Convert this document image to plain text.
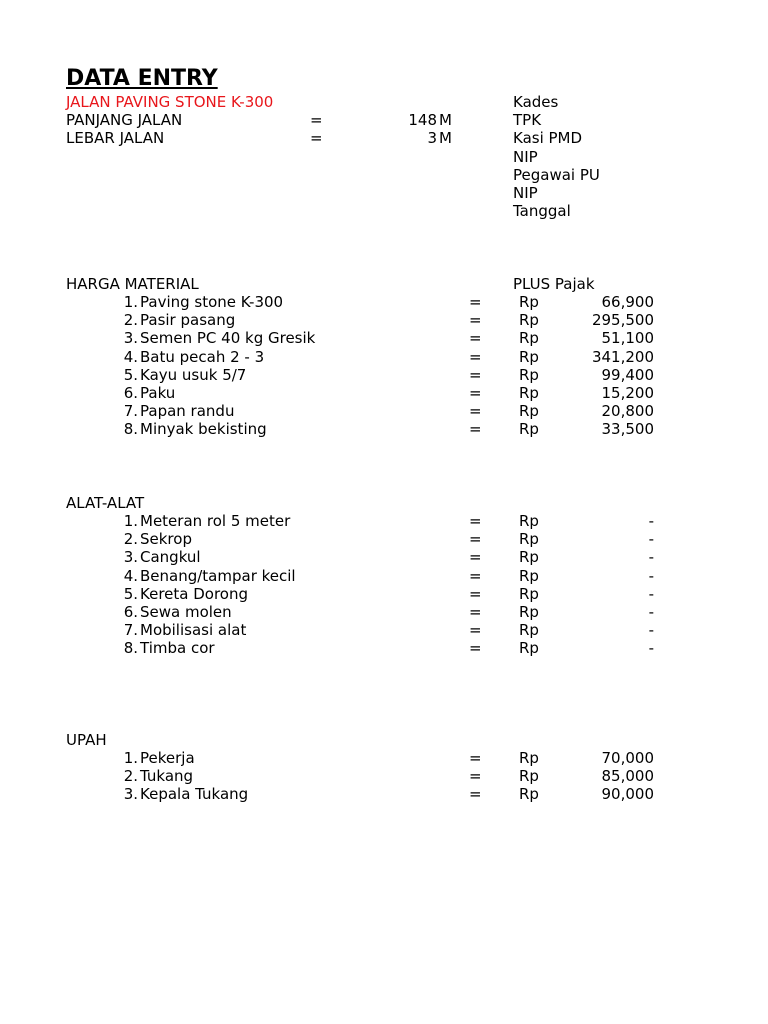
DATA ENTRY
JALAN PAVING STONE K-300
PANJANG JALAN	=	148 M
LEBAR JALAN	=	3 M
Kades
TPK
Kasi PMD
NIP
Pegawai PU
NIP
Tanggal
HARGA MATERIAL	PLUS Pajak
1. Paving stone K-300	= Rp	66,900
2. Pasir pasang	= Rp	295,500
3. Semen PC 40 kg Gresik	= Rp	51,100
4. Batu pecah 2 - 3	= Rp	341,200
5. Kayu usuk 5/7	= Rp	99,400
6. Paku	= Rp	15,200
7. Papan randu	= Rp	20,800
8. Minyak bekisting	= Rp	33,500
ALAT-ALAT
1. Meteran rol 5 meter	= Rp	-
2. Sekrop	= Rp	-
3. Cangkul	= Rp	-
4. Benang/tampar kecil	= Rp	-
5. Kereta Dorong	= Rp	-
6. Sewa molen	= Rp	-
7. Mobilisasi alat	= Rp	-
8. Timba cor	= Rp	-
UPAH
1. Pekerja	= Rp	70,000
2. Tukang	= Rp	85,000
3. Kepala Tukang	= Rp	90,000
